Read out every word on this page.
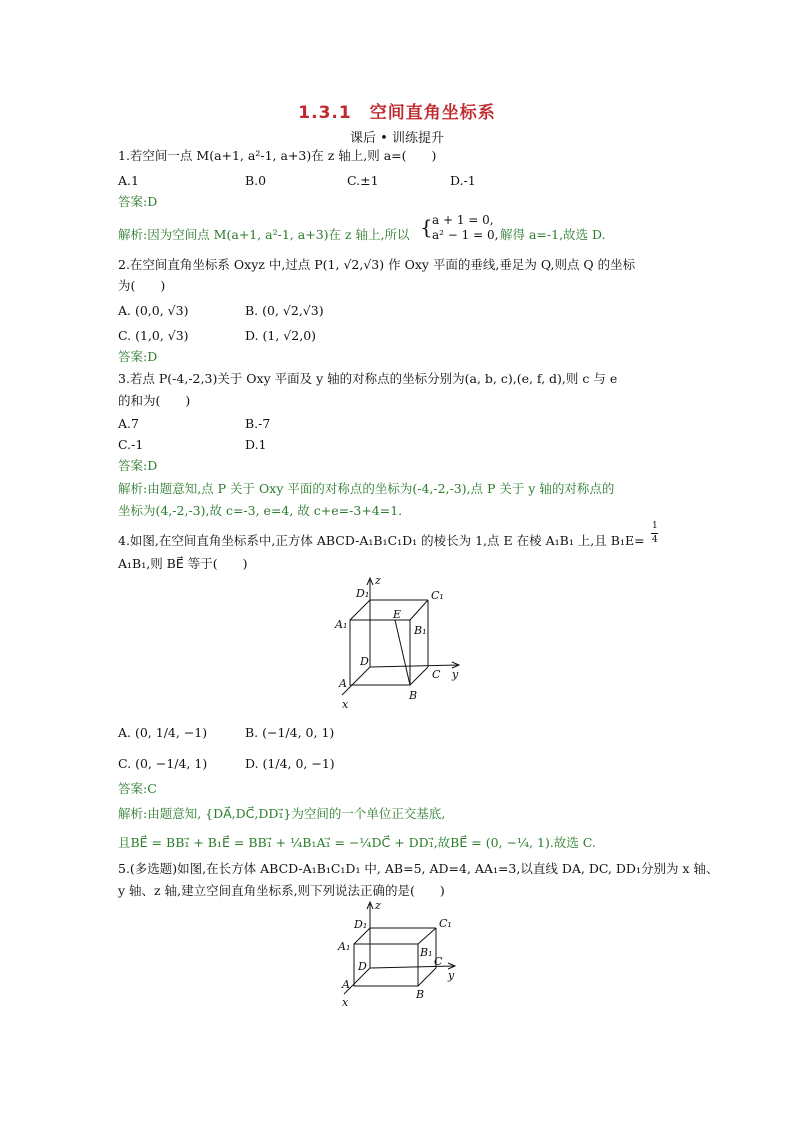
1.3.1　空间直角坐标系
课后 • 训练提升
1.若空间一点 M(a+1, a²-1, a+3)在 z 轴上,则 a=(　　)
A.1	B.0	C.±1	D.-1
答案:D
解析:因为空间点 M(a+1, a²-1, a+3)在 z 轴上,所以 { a + 1 = 0,
a² − 1 = 0, 解得 a=-1,故选 D.
2.在空间直角坐标系 Oxyz 中,过点 P(1, √2,√3) 作 Oxy 平面的垂线,垂足为 Q,则点 Q 的坐标
为(　　)
A. (0,0, √3)	B. (0, √2,√3)
C. (1,0, √3)	D. (1, √2,0)
答案:D
3.若点 P(-4,-2,3)关于 Oxy 平面及 y 轴的对称点的坐标分别为(a, b, c),(e, f, d),则 c 与 e
的和为(　　)
A.7	B.-7
C.-1	D.1
答案:D
解析:由题意知,点 P 关于 Oxy 平面的对称点的坐标为(-4,-2,-3),点 P 关于 y 轴的对称点的
坐标为(4,-2,-3),故 c=-3, e=4, 故 c+e=-3+4=1.
4.如图,在空间直角坐标系中,正方体 ABCD-A₁B₁C₁D₁ 的棱长为 1,点 E 在棱 A₁B₁ 上,且 B₁E=
1
4
A₁B₁,则 BE⃗ 等于(　　)
z
y
x
D₁	C₁
A₁	B₁
E
D
C
A
B
A. (0, 1/4, −1)	B. (−1/4, 0, 1)
C. (0, −1/4, 1)	D. (1/4, 0, −1)
答案:C
解析:由题意知, {DA⃗,DC⃗,DD₁⃗}为空间的一个单位正交基底,
且BE⃗ = BB₁⃗ + B₁E⃗ = BB₁⃗ + ¼B₁A₁⃗ = −¼DC⃗ + DD₁⃗,故BE⃗ = (0, −¼, 1).故选 C.
5.(多选题)如图,在长方体 ABCD-A₁B₁C₁D₁ 中, AB=5, AD=4, AA₁=3,以直线 DA, DC, DD₁分别为 x 轴、
y 轴、z 轴,建立空间直角坐标系,则下列说法正确的是(　　)
z
y
x
D₁	C₁
A₁	B₁
D	C
A
B
